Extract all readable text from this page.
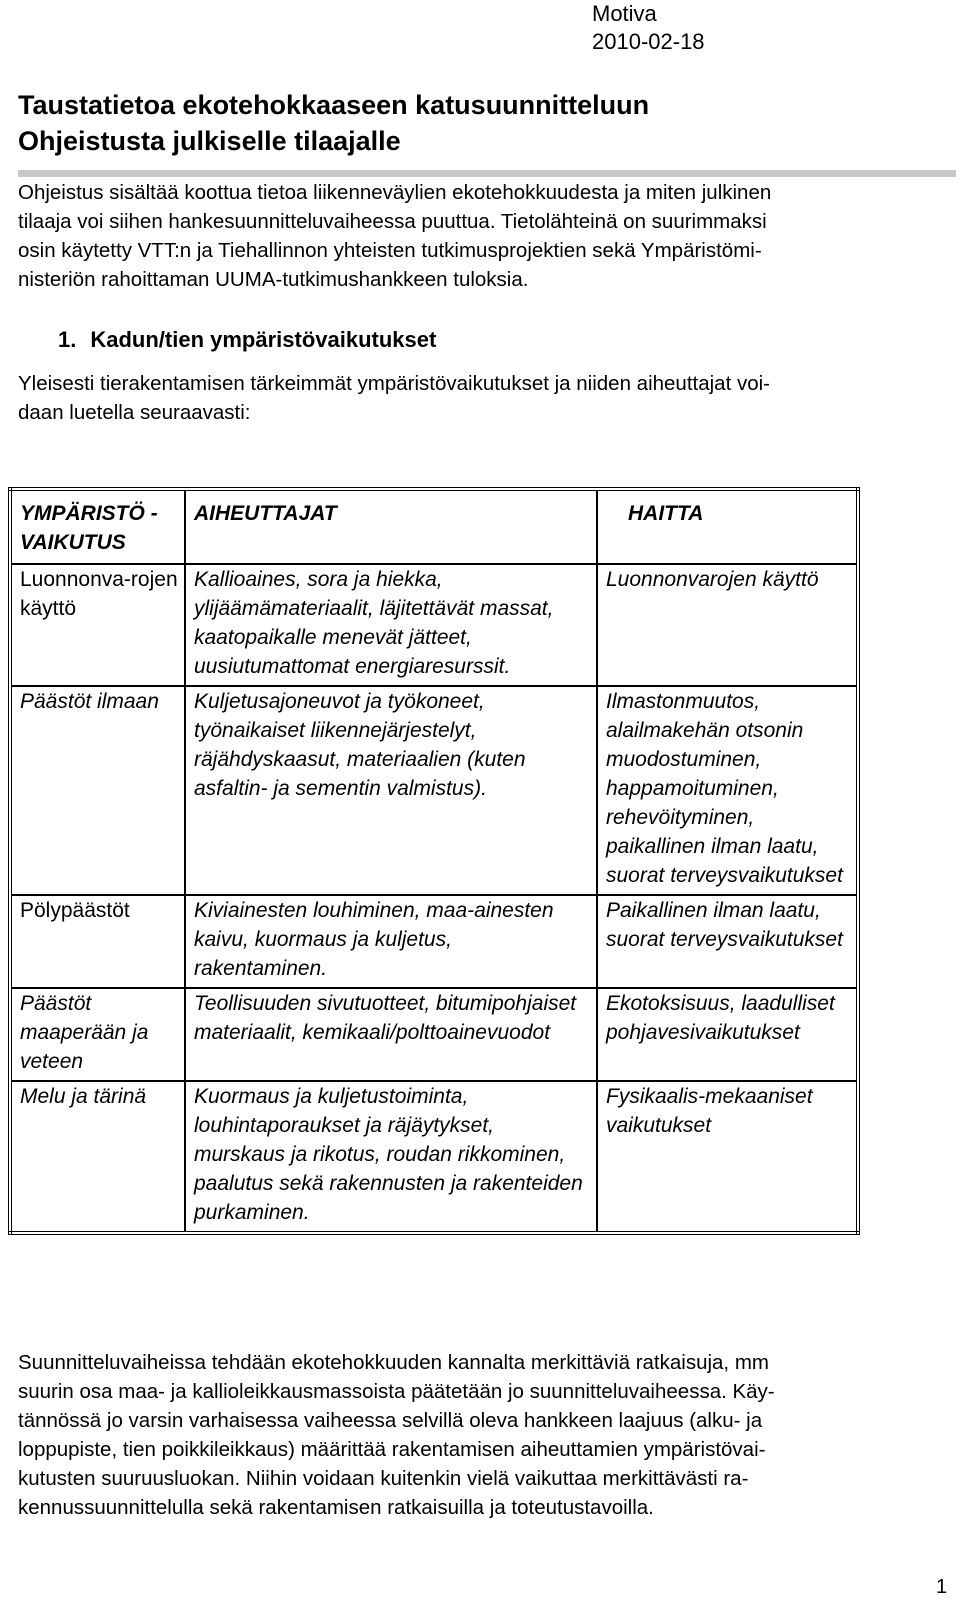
Motiva
2010-02-18
Taustatietoa ekotehokkaaseen katusuunnitteluun
Ohjeistusta julkiselle tilaajalle
Ohjeistus sisältää koottua tietoa liikenneväylien ekotehokkuudesta ja miten julkinen
tilaaja voi siihen hankesuunnitteluvaiheessa puuttua. Tietolähteinä on suurimmaksi
osin käytetty VTT:n ja Tiehallinnon yhteisten tutkimusprojektien sekä Ympäristömi-
nisteriön rahoittaman UUMA-tutkimushankkeen tuloksia.
1. Kadun/tien ympäristövaikutukset
Yleisesti tierakentamisen tärkeimmät ympäristövaikutukset ja niiden aiheuttajat voi-
daan luetella seuraavasti:
YMPÄRISTÖ -VAIKUTUS	AIHEUTTAJAT	HAITTA
Luonnonva-rojen käyttö	Kallioaines, sora ja hiekka, ylijäämämateriaalit, läjitettävät massat, kaatopaikalle menevät jätteet, uusiutumattomat energiaresurssit.	Luonnonvarojen käyttö
Päästöt ilmaan	Kuljetusajoneuvot ja työkoneet, työnaikaiset liikennejärjestelyt, räjähdyskaasut, materiaalien (kuten asfaltin- ja sementin valmistus).	Ilmastonmuutos, alailmakehän otsonin muodostuminen, happamoituminen, rehevöityminen, paikallinen ilman laatu, suorat terveysvaikutukset
Pölypäästöt	Kiviainesten louhiminen, maa-ainesten kaivu, kuormaus ja kuljetus, rakentaminen.	Paikallinen ilman laatu, suorat terveysvaikutukset
Päästöt maaperään ja veteen	Teollisuuden sivutuotteet, bitumipohjaiset materiaalit, kemikaali/polttoainevuodot	Ekotoksisuus, laadulliset pohjavesivaikutukset
Melu ja tärinä	Kuormaus ja kuljetustoiminta, louhintaporaukset ja räjäytykset, murskaus ja rikotus, roudan rikkominen, paalutus sekä rakennusten ja rakenteiden purkaminen.	Fysikaalis-mekaaniset vaikutukset
Suunnitteluvaiheissa tehdään ekotehokkuuden kannalta merkittäviä ratkaisuja, mm
suurin osa maa- ja kallioleikkausmassoista päätetään jo suunnitteluvaiheessa. Käy-
tännössä jo varsin varhaisessa vaiheessa selvillä oleva hankkeen laajuus (alku- ja
loppupiste, tien poikkileikkaus) määrittää rakentamisen aiheuttamien ympäristövai-
kutusten suuruusluokan. Niihin voidaan kuitenkin vielä vaikuttaa merkittävästi ra-
kennussuunnittelulla sekä rakentamisen ratkaisuilla ja toteutustavoilla.
1
